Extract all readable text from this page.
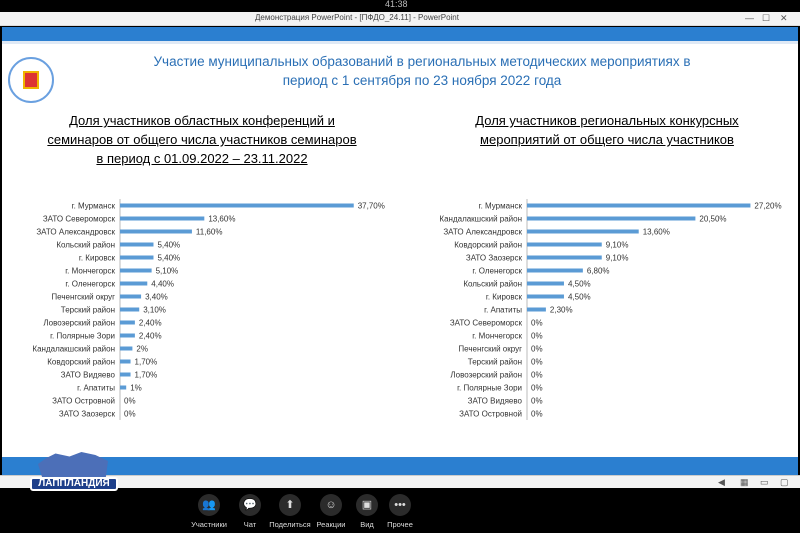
41:38
Демонстрация PowerPoint - [ПФДО_24.11] - PowerPoint	— ☐ ✕
Участие муниципальных образований в региональных методических мероприятиях в
период с 1 сентября по 23 ноября 2022 года
Доля участников областных конференций и
семинаров от общего числа участников семинаров
в период с 01.09.2022 – 23.11.2022
Доля участников региональных конкурсных
мероприятий от общего числа участников
г. Мурманск	37,70%
ЗАТО Североморск	13,60%
ЗАТО Александровск	11,60%
Кольский район	5,40%
г. Кировск	5,40%
г. Мончегорск	5,10%
г. Оленегорск	4,40%
Печенгский округ	3,40%
Терский район	3,10%
Ловозерский район	2,40%
г. Полярные Зори	2,40%
Кандалакшский район	2%
Ковдорский район 1,70%
ЗАТО Видяево 1,70%
г. Апатиты 1%
ЗАТО Островной 0%
ЗАТО Заозерск 0%
г. Мурманск	27,20%
Кандалакшский район	20,50%
ЗАТО Александровск	13,60%
Ковдорский район	9,10%
ЗАТО Заозерск	9,10%
г. Оленегорск	6,80%
Кольский район	4,50%
г. Кировск	4,50%
г. Апатиты	2,30%
ЗАТО Североморск 0%
г. Мончегорск 0%
Печенгский округ 0%
Терский район 0%
Ловозерский район 0%
г. Полярные Зори 0%
ЗАТО Видяево 0%
ЗАТО Островной 0%
◀ ▦ ▭ ▢
👥
Участники
💬
Чат
⬆
Поделиться
☺
Реакции
▣
Вид
•••
Прочее
ЛАППЛАНДИЯ
